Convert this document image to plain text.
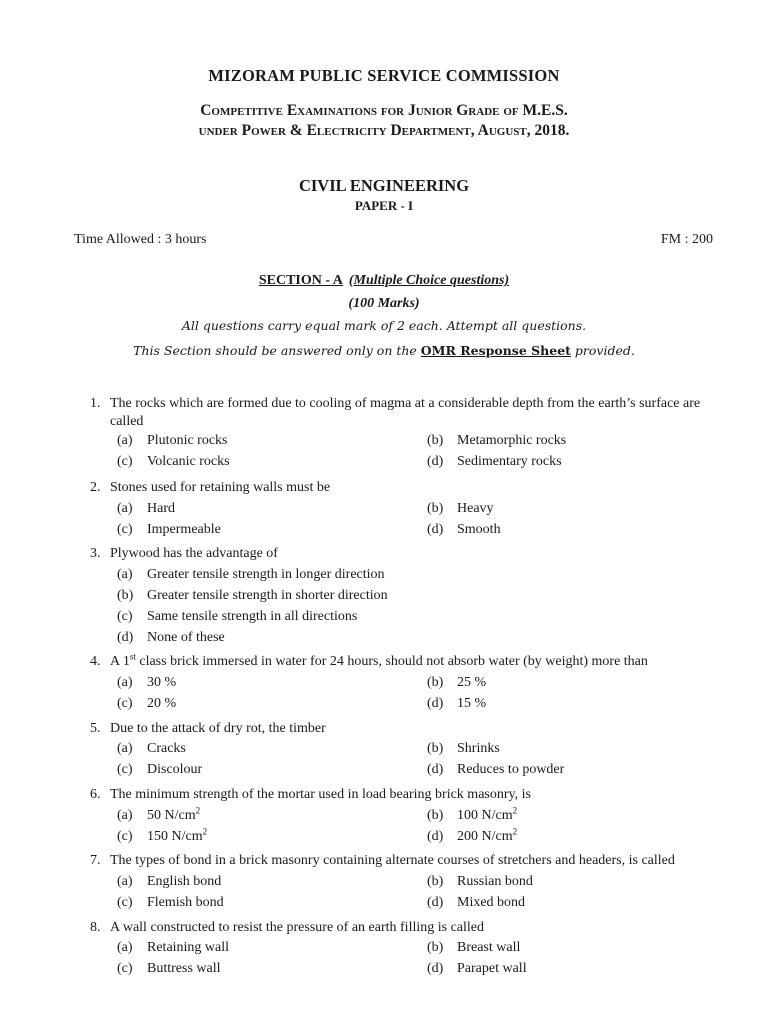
MIZORAM PUBLIC SERVICE COMMISSION
Competitive Examinations for Junior Grade of M.E.S.
under Power & Electricity Department, August, 2018.
CIVIL ENGINEERING
PAPER - I
Time Allowed : 3 hours	FM : 200
SECTION - A (Multiple Choice questions)
(100 Marks)
All questions carry equal mark of 2 each. Attempt all questions.
This Section should be answered only on the OMR Response Sheet provided.
1. The rocks which are formed due to cooling of magma at a considerable depth from the earth’s surface are called
(a)	Plutonic rocks	(b) Metamorphic rocks
(c)	Volcanic rocks	(d) Sedimentary rocks
2. Stones used for retaining walls must be
(a)	Hard	(b) Heavy
(c)	Impermeable	(d) Smooth
3. Plywood has the advantage of
(a)	Greater tensile strength in longer direction
(b) Greater tensile strength in shorter direction
(c)	Same tensile strength in all directions
(d) None of these
4. A 1st class brick immersed in water for 24 hours, should not absorb water (by weight) more than
(a)	30 %	(b) 25 %
(c)	20 %	(d) 15 %
5. Due to the attack of dry rot, the timber
(a)	Cracks	(b) Shrinks
(c)	Discolour	(d) Reduces to powder
6. The minimum strength of the mortar used in load bearing brick masonry, is
(a)	50 $N/cm^2$	(b) 100 $N/cm^2$
(c)	150 $N/cm^2$	(d) 200 $N/cm^2$
7. The types of bond in a brick masonry containing alternate courses of stretchers and headers, is called
(a)	English bond	(b) Russian bond
(c)	Flemish bond	(d) Mixed bond
8. A wall constructed to resist the pressure of an earth filling is called
(a)	Retaining wall	(b) Breast wall
(c)	Buttress wall	(d) Parapet wall
